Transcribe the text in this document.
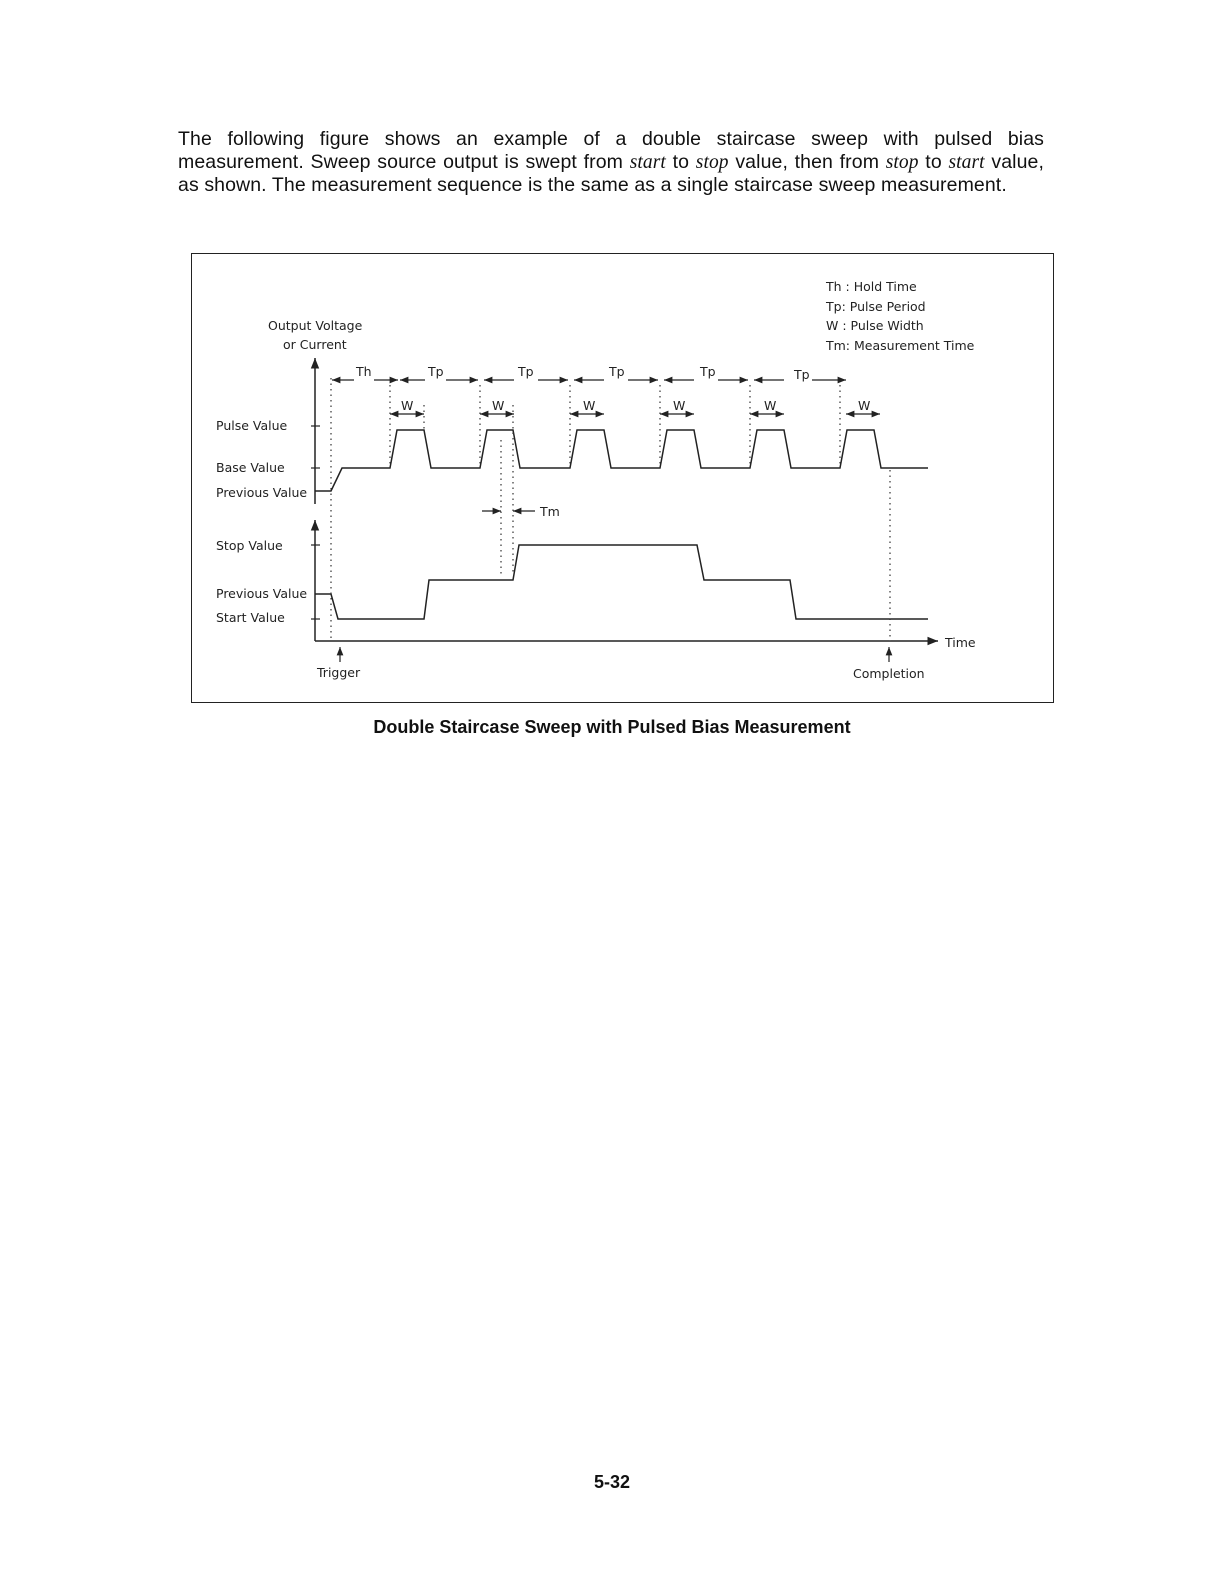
The following figure shows an example of a double staircase sweep with pulsed bias measurement. Sweep source output is swept from start to stop value, then from stop to start value, as shown. The measurement sequence is the same as a single staircase sweep measurement.
Th : Hold Time
Tp: Pulse Period
W : Pulse Width
Tm: Measurement Time
Output Voltage
or Current
Pulse Value
Base Value
Previous Value
Stop Value
Previous Value
Start Value
Th	Tp	Tp	Tp	Tp	Tp
W	W	W	W	W	W
Tm
Time
Trigger	Completion
Double Staircase Sweep with Pulsed Bias Measurement
5-32
